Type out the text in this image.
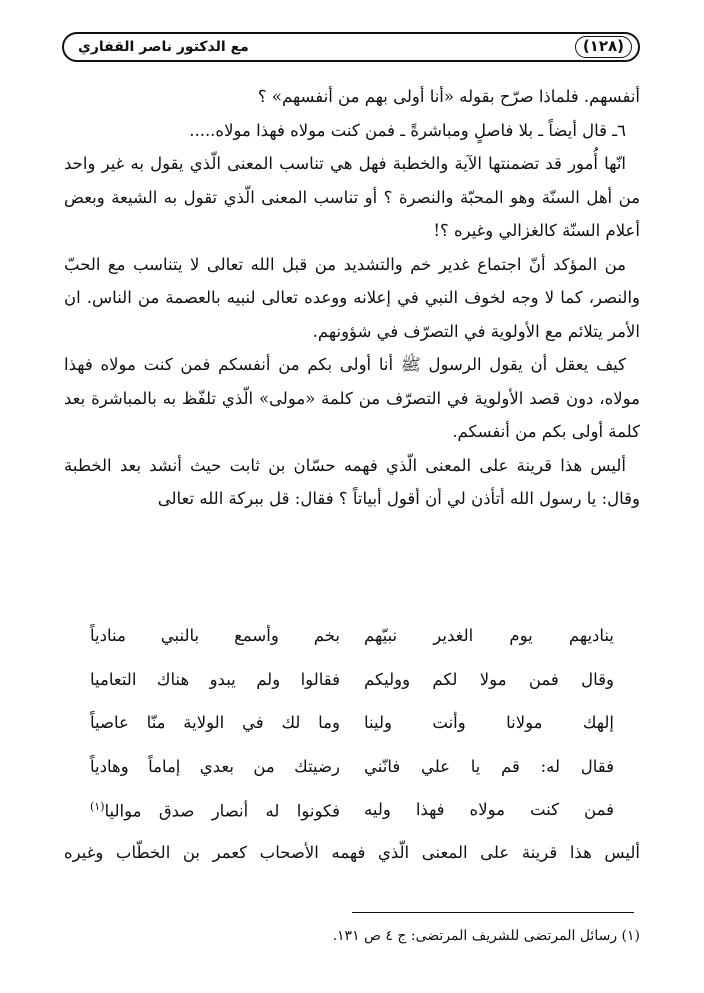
(١٢٨)
مع الدكتور ناصر القفاري

أنفسهم. فلماذا صرّح بقوله «أنا أولى بهم من أنفسهم» ؟

٦ـ قال أيضاً ـ بلا فاصلٍ ومباشرةً ـ فمن كنت مولاه فهذا مولاه.....

انّها أُمور قد تضمنتها الآية والخطبة فهل هي تناسب المعنى الّذي يقول به غير واحد من أهل السنّة وهو المحبّة والنصرة ؟ أو تناسب المعنى الّذي تقول به الشيعة وبعض أعلام السنّة كالغزالي وغيره ؟!

من المؤكد أنّ اجتماع غدير خم والتشديد من قبل الله تعالى لا يتناسب مع الحبّ والنصر، كما لا وجه لخوف النبي في إعلانه ووعده تعالى لنبيه بالعصمة من الناس. ان الأمر يتلائم مع الأولوية في التصرّف في شؤونهم.

كيف يعقل أن يقول الرسول ﷺ أنا أولى بكم من أنفسكم فمن كنت مولاه فهذا مولاه، دون قصد الأولوية في التصرّف من كلمة «مولى» الّذي تلفّظ به بالمباشرة بعد كلمة أولى بكم من أنفسكم.

أليس هذا قرينة على المعنى الّذي فهمه حسّان بن ثابت حيث أنشد بعد الخطبة وقال: يا رسول الله أتأذن لي أن أقول أبياتاً ؟ فقال: قل ببركة الله تعالى

يناديهم يوم الغدير نبيّهم
بخم وأسمع بالنبي منادياً
وقال فمن مولا لكم ووليكم
فقالوا ولم يبدو هناك التعاميا
إلهك مولانا وأنت ولينا
وما لك في الولاية منّا عاصياً
فقال له: قم يا علي فانّني
رضيتك من بعدي إماماً وهادياً
فمن كنت مولاه فهذا وليه
فكونوا له أنصار صدق مواليا$^{(١)}$
أليس هذا قرينة على المعنى الّذي فهمه الأصحاب كعمر بن الخطّاب وغيره
(١) رسائل المرتضى للشريف المرتضى: ج ٤ ص ١٣١.
